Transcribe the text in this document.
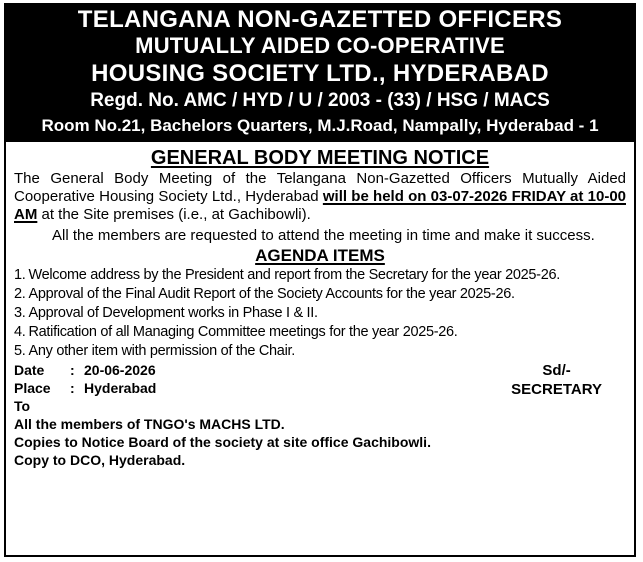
TELANGANA NON-GAZETTED OFFICERS
MUTUALLY AIDED CO-OPERATIVE
HOUSING SOCIETY LTD., HYDERABAD
Regd. No. AMC / HYD / U / 2003 - (33) / HSG / MACS
Room No.21, Bachelors Quarters, M.J.Road, Nampally, Hyderabad - 1
GENERAL BODY MEETING NOTICE

The General Body Meeting of the Telangana Non-Gazetted Officers Mutually Aided Cooperative Housing Society Ltd., Hyderabad will be held on 03-07-2026 FRIDAY at 10-00 AM at the Site premises (i.e., at Gachibowli).

All the members are requested to attend the meeting in time and make it success.

AGENDA ITEMS
1. Welcome address by the President and report from the Secretary for the year 2025-26.
2. Approval of the Final Audit Report of the Society Accounts for the year 2025-26.
3. Approval of Development works in Phase I & II.
4. Ratification of all Managing Committee meetings for the year 2025-26.
5. Any other item with permission of the Chair.
Sd/-
SECRETARY
Date	: 20-06-2026
Place	: Hyderabad
To
All the members of TNGO's MACHS LTD.
Copies to Notice Board of the society at site office Gachibowli.
Copy to DCO, Hyderabad.
